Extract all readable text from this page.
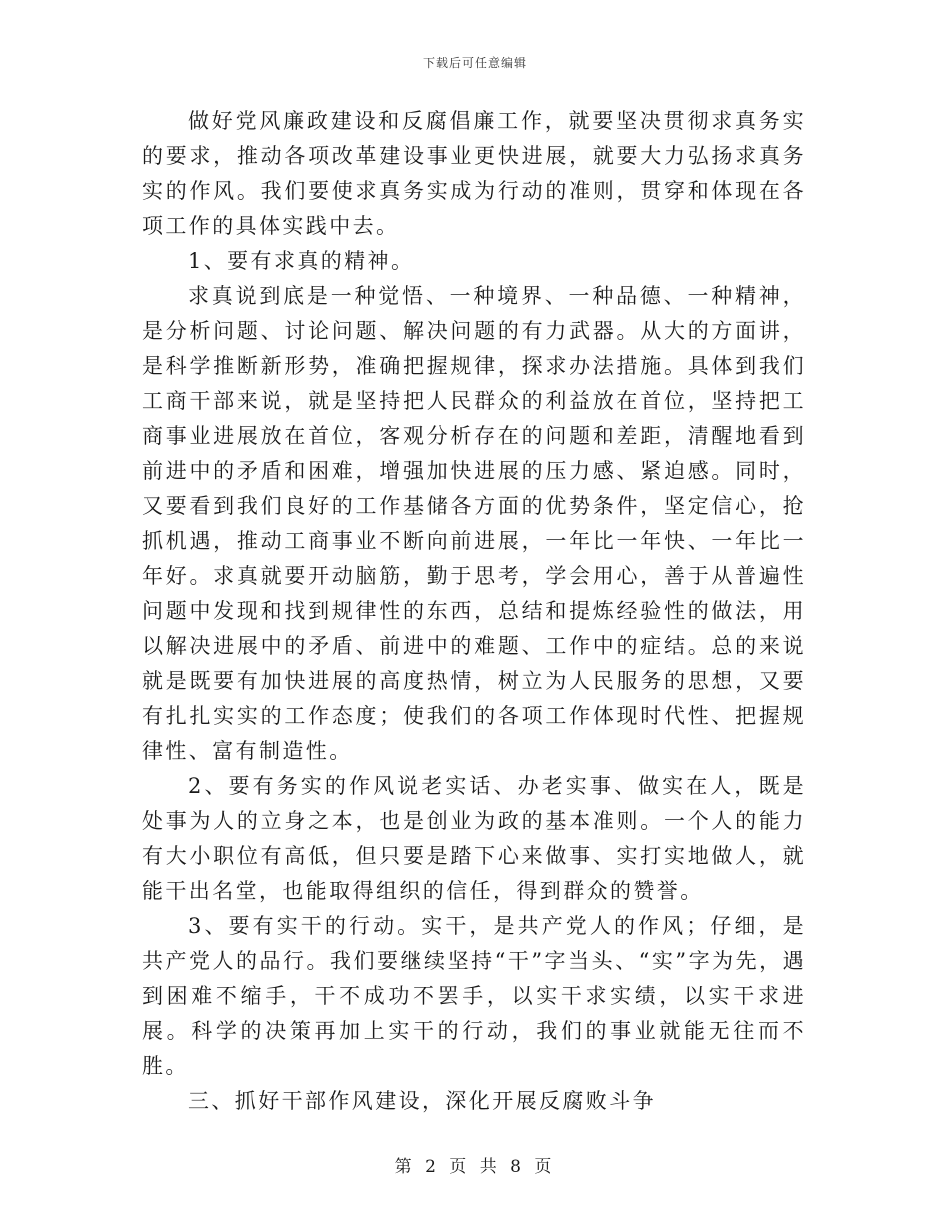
下载后可任意编辑

做好党风廉政建设和反腐倡廉工作，就要坚决贯彻求真务实的要求，推动各项改革建设事业更快进展，就要大力弘扬求真务实的作风。我们要使求真务实成为行动的准则，贯穿和体现在各项工作的具体实践中去。

1、要有求真的精神。

求真说到底是一种觉悟、一种境界、一种品德、一种精神，是分析问题、讨论问题、解决问题的有力武器。从大的方面讲，是科学推断新形势，准确把握规律，探求办法措施。具体到我们工商干部来说，就是坚持把人民群众的利益放在首位，坚持把工商事业进展放在首位，客观分析存在的问题和差距，清醒地看到前进中的矛盾和困难，增强加快进展的压力感、紧迫感。同时，又要看到我们良好的工作基储各方面的优势条件，坚定信心，抢抓机遇，推动工商事业不断向前进展，一年比一年快、一年比一年好。求真就要开动脑筋，勤于思考，学会用心，善于从普遍性问题中发现和找到规律性的东西，总结和提炼经验性的做法，用以解决进展中的矛盾、前进中的难题、工作中的症结。总的来说就是既要有加快进展的高度热情，树立为人民服务的思想，又要有扎扎实实的工作态度；使我们的各项工作体现时代性、把握规律性、富有制造性。

2、要有务实的作风说老实话、办老实事、做实在人，既是处事为人的立身之本，也是创业为政的基本准则。一个人的能力有大小职位有高低，但只要是踏下心来做事、实打实地做人，就能干出名堂，也能取得组织的信任，得到群众的赞誉。

3、要有实干的行动。实干，是共产党人的作风；仔细，是共产党人的品行。我们要继续坚持“干”字当头、“实”字为先，遇到困难不缩手，干不成功不罢手，以实干求实绩，以实干求进展。科学的决策再加上实干的行动，我们的事业就能无往而不胜。

三、抓好干部作风建设，深化开展反腐败斗争

第 2 页 共 8 页
